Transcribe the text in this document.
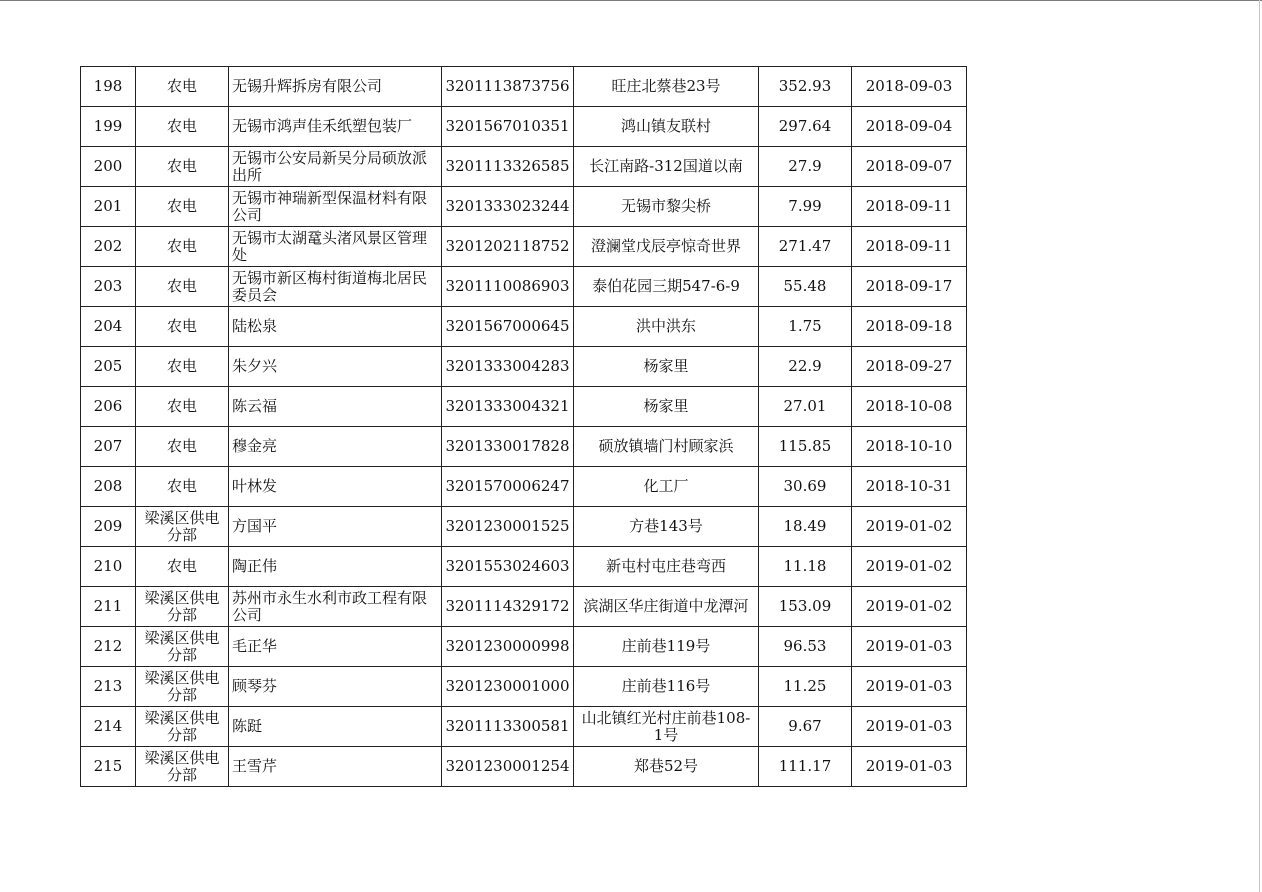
198	农电	无锡升辉拆房有限公司	3201113873756	旺庄北蔡巷23号	352.93	2018-09-03
199	农电	无锡市鸿声佳禾纸塑包装厂	3201567010351	鸿山镇友联村	297.64	2018-09-04
200	农电	无锡市公安局新吴分局硕放派出所	3201113326585	长江南路-312国道以南	27.9	2018-09-07
201	农电	无锡市神瑞新型保温材料有限公司	3201333023244	无锡市黎尖桥	7.99	2018-09-11
202	农电	无锡市太湖鼋头渚风景区管理处	3201202118752	澄澜堂戊辰亭惊奇世界	271.47	2018-09-11
203	农电	无锡市新区梅村街道梅北居民委员会	3201110086903	泰伯花园三期547-6-9	55.48	2018-09-17
204	农电	陆松泉	3201567000645	洪中洪东	1.75	2018-09-18
205	农电	朱夕兴	3201333004283	杨家里	22.9	2018-09-27
206	农电	陈云福	3201333004321	杨家里	27.01	2018-10-08
207	农电	穆金亮	3201330017828	硕放镇墙门村顾家浜	115.85	2018-10-10
208	农电	叶林发	3201570006247	化工厂	30.69	2018-10-31
209	梁溪区供电分部	方国平	3201230001525	方巷143号	18.49	2019-01-02
210	农电	陶正伟	3201553024603	新屯村屯庄巷弯西	11.18	2019-01-02
211	梁溪区供电分部	苏州市永生水利市政工程有限公司	3201114329172	滨湖区华庄街道中龙潭河	153.09	2019-01-02
212	梁溪区供电分部	毛正华	3201230000998	庄前巷119号	96.53	2019-01-03
213	梁溪区供电分部	顾琴芬	3201230001000	庄前巷116号	11.25	2019-01-03
214	梁溪区供电分部	陈跹	3201113300581	山北镇红光村庄前巷108-1号	9.67	2019-01-03
215	梁溪区供电分部	王雪芹	3201230001254	郑巷52号	111.17	2019-01-03
